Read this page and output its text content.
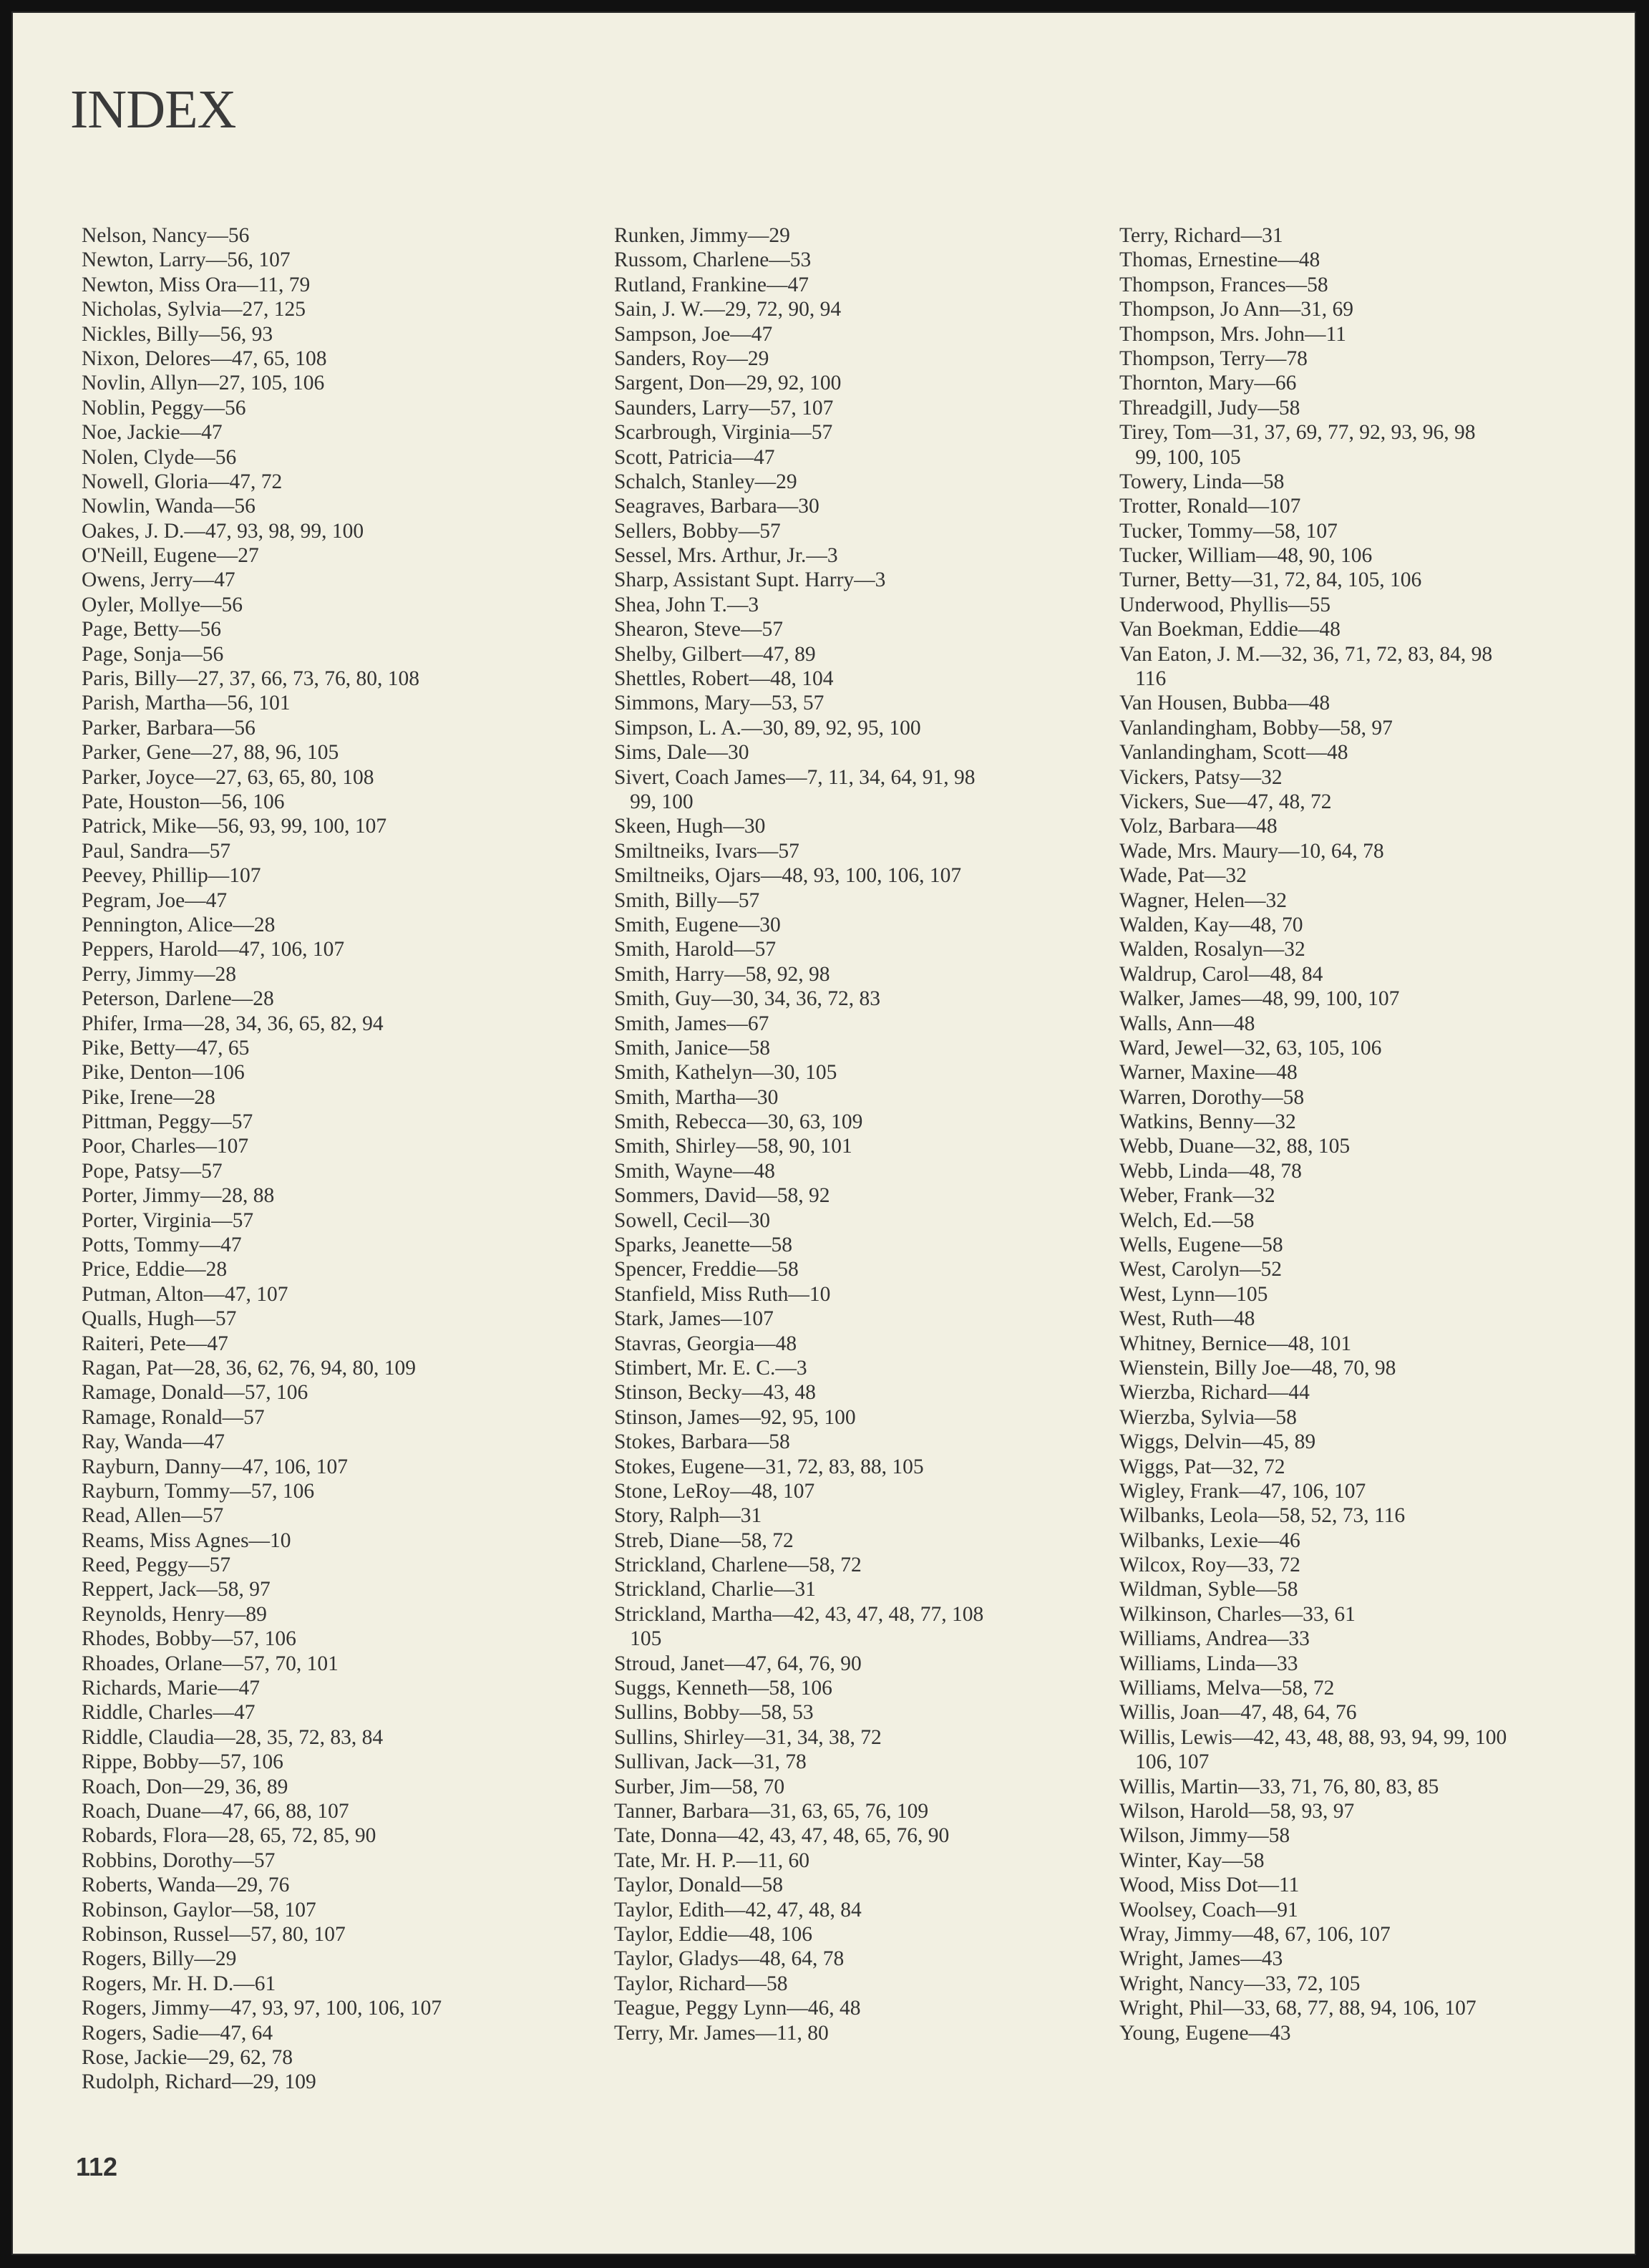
INDEX
Nelson, Nancy—56
Newton, Larry—56, 107
Newton, Miss Ora—11, 79
Nicholas, Sylvia—27, 125
Nickles, Billy—56, 93
Nixon, Delores—47, 65, 108
Novlin, Allyn—27, 105, 106
Noblin, Peggy—56
Noe, Jackie—47
Nolen, Clyde—56
Nowell, Gloria—47, 72
Nowlin, Wanda—56
Oakes, J. D.—47, 93, 98, 99, 100
O'Neill, Eugene—27
Owens, Jerry—47
Oyler, Mollye—56
Page, Betty—56
Page, Sonja—56
Paris, Billy—27, 37, 66, 73, 76, 80, 108
Parish, Martha—56, 101
Parker, Barbara—56
Parker, Gene—27, 88, 96, 105
Parker, Joyce—27, 63, 65, 80, 108
Pate, Houston—56, 106
Patrick, Mike—56, 93, 99, 100, 107
Paul, Sandra—57
Peevey, Phillip—107
Pegram, Joe—47
Pennington, Alice—28
Peppers, Harold—47, 106, 107
Perry, Jimmy—28
Peterson, Darlene—28
Phifer, Irma—28, 34, 36, 65, 82, 94
Pike, Betty—47, 65
Pike, Denton—106
Pike, Irene—28
Pittman, Peggy—57
Poor, Charles—107
Pope, Patsy—57
Porter, Jimmy—28, 88
Porter, Virginia—57
Potts, Tommy—47
Price, Eddie—28
Putman, Alton—47, 107
Qualls, Hugh—57
Raiteri, Pete—47
Ragan, Pat—28, 36, 62, 76, 94, 80, 109
Ramage, Donald—57, 106
Ramage, Ronald—57
Ray, Wanda—47
Rayburn, Danny—47, 106, 107
Rayburn, Tommy—57, 106
Read, Allen—57
Reams, Miss Agnes—10
Reed, Peggy—57
Reppert, Jack—58, 97
Reynolds, Henry—89
Rhodes, Bobby—57, 106
Rhoades, Orlane—57, 70, 101
Richards, Marie—47
Riddle, Charles—47
Riddle, Claudia—28, 35, 72, 83, 84
Rippe, Bobby—57, 106
Roach, Don—29, 36, 89
Roach, Duane—47, 66, 88, 107
Robards, Flora—28, 65, 72, 85, 90
Robbins, Dorothy—57
Roberts, Wanda—29, 76
Robinson, Gaylor—58, 107
Robinson, Russel—57, 80, 107
Rogers, Billy—29
Rogers, Mr. H. D.—61
Rogers, Jimmy—47, 93, 97, 100, 106, 107
Rogers, Sadie—47, 64
Rose, Jackie—29, 62, 78
Rudolph, Richard—29, 109
Runken, Jimmy—29
Russom, Charlene—53
Rutland, Frankine—47
Sain, J. W.—29, 72, 90, 94
Sampson, Joe—47
Sanders, Roy—29
Sargent, Don—29, 92, 100
Saunders, Larry—57, 107
Scarbrough, Virginia—57
Scott, Patricia—47
Schalch, Stanley—29
Seagraves, Barbara—30
Sellers, Bobby—57
Sessel, Mrs. Arthur, Jr.—3
Sharp, Assistant Supt. Harry—3
Shea, John T.—3
Shearon, Steve—57
Shelby, Gilbert—47, 89
Shettles, Robert—48, 104
Simmons, Mary—53, 57
Simpson, L. A.—30, 89, 92, 95, 100
Sims, Dale—30
Sivert, Coach James—7, 11, 34, 64, 91, 98
99, 100
Skeen, Hugh—30
Smiltneiks, Ivars—57
Smiltneiks, Ojars—48, 93, 100, 106, 107
Smith, Billy—57
Smith, Eugene—30
Smith, Harold—57
Smith, Harry—58, 92, 98
Smith, Guy—30, 34, 36, 72, 83
Smith, James—67
Smith, Janice—58
Smith, Kathelyn—30, 105
Smith, Martha—30
Smith, Rebecca—30, 63, 109
Smith, Shirley—58, 90, 101
Smith, Wayne—48
Sommers, David—58, 92
Sowell, Cecil—30
Sparks, Jeanette—58
Spencer, Freddie—58
Stanfield, Miss Ruth—10
Stark, James—107
Stavras, Georgia—48
Stimbert, Mr. E. C.—3
Stinson, Becky—43, 48
Stinson, James—92, 95, 100
Stokes, Barbara—58
Stokes, Eugene—31, 72, 83, 88, 105
Stone, LeRoy—48, 107
Story, Ralph—31
Streb, Diane—58, 72
Strickland, Charlene—58, 72
Strickland, Charlie—31
Strickland, Martha—42, 43, 47, 48, 77, 108
105
Stroud, Janet—47, 64, 76, 90
Suggs, Kenneth—58, 106
Sullins, Bobby—58, 53
Sullins, Shirley—31, 34, 38, 72
Sullivan, Jack—31, 78
Surber, Jim—58, 70
Tanner, Barbara—31, 63, 65, 76, 109
Tate, Donna—42, 43, 47, 48, 65, 76, 90
Tate, Mr. H. P.—11, 60
Taylor, Donald—58
Taylor, Edith—42, 47, 48, 84
Taylor, Eddie—48, 106
Taylor, Gladys—48, 64, 78
Taylor, Richard—58
Teague, Peggy Lynn—46, 48
Terry, Mr. James—11, 80
Terry, Richard—31
Thomas, Ernestine—48
Thompson, Frances—58
Thompson, Jo Ann—31, 69
Thompson, Mrs. John—11
Thompson, Terry—78
Thornton, Mary—66
Threadgill, Judy—58
Tirey, Tom—31, 37, 69, 77, 92, 93, 96, 98
99, 100, 105
Towery, Linda—58
Trotter, Ronald—107
Tucker, Tommy—58, 107
Tucker, William—48, 90, 106
Turner, Betty—31, 72, 84, 105, 106
Underwood, Phyllis—55
Van Boekman, Eddie—48
Van Eaton, J. M.—32, 36, 71, 72, 83, 84, 98
116
Van Housen, Bubba—48
Vanlandingham, Bobby—58, 97
Vanlandingham, Scott—48
Vickers, Patsy—32
Vickers, Sue—47, 48, 72
Volz, Barbara—48
Wade, Mrs. Maury—10, 64, 78
Wade, Pat—32
Wagner, Helen—32
Walden, Kay—48, 70
Walden, Rosalyn—32
Waldrup, Carol—48, 84
Walker, James—48, 99, 100, 107
Walls, Ann—48
Ward, Jewel—32, 63, 105, 106
Warner, Maxine—48
Warren, Dorothy—58
Watkins, Benny—32
Webb, Duane—32, 88, 105
Webb, Linda—48, 78
Weber, Frank—32
Welch, Ed.—58
Wells, Eugene—58
West, Carolyn—52
West, Lynn—105
West, Ruth—48
Whitney, Bernice—48, 101
Wienstein, Billy Joe—48, 70, 98
Wierzba, Richard—44
Wierzba, Sylvia—58
Wiggs, Delvin—45, 89
Wiggs, Pat—32, 72
Wigley, Frank—47, 106, 107
Wilbanks, Leola—58, 52, 73, 116
Wilbanks, Lexie—46
Wilcox, Roy—33, 72
Wildman, Syble—58
Wilkinson, Charles—33, 61
Williams, Andrea—33
Williams, Linda—33
Williams, Melva—58, 72
Willis, Joan—47, 48, 64, 76
Willis, Lewis—42, 43, 48, 88, 93, 94, 99, 100
106, 107
Willis, Martin—33, 71, 76, 80, 83, 85
Wilson, Harold—58, 93, 97
Wilson, Jimmy—58
Winter, Kay—58
Wood, Miss Dot—11
Woolsey, Coach—91
Wray, Jimmy—48, 67, 106, 107
Wright, James—43
Wright, Nancy—33, 72, 105
Wright, Phil—33, 68, 77, 88, 94, 106, 107
Young, Eugene—43
112
